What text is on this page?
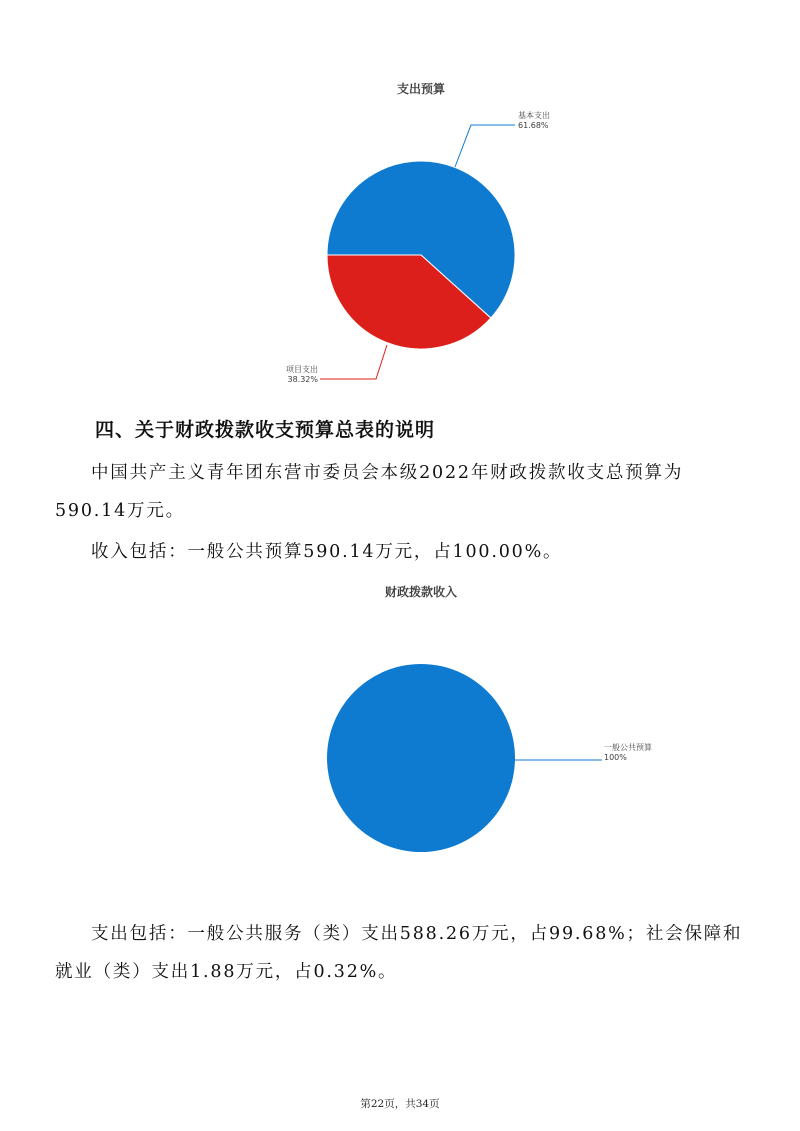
支出预算
基本支出
61.68%
项目支出
38.32%
四、关于财政拨款收支预算总表的说明
中国共产主义青年团东营市委员会本级2022年财政拨款收支总预算为590.14万元。
收入包括：一般公共预算590.14万元，占100.00%。
财政拨款收入
一般公共预算
100%
支出包括：一般公共服务（类）支出588.26万元，占99.68%；社会保障和就业（类）支出1.88万元，占0.32%。
第22页，共34页
